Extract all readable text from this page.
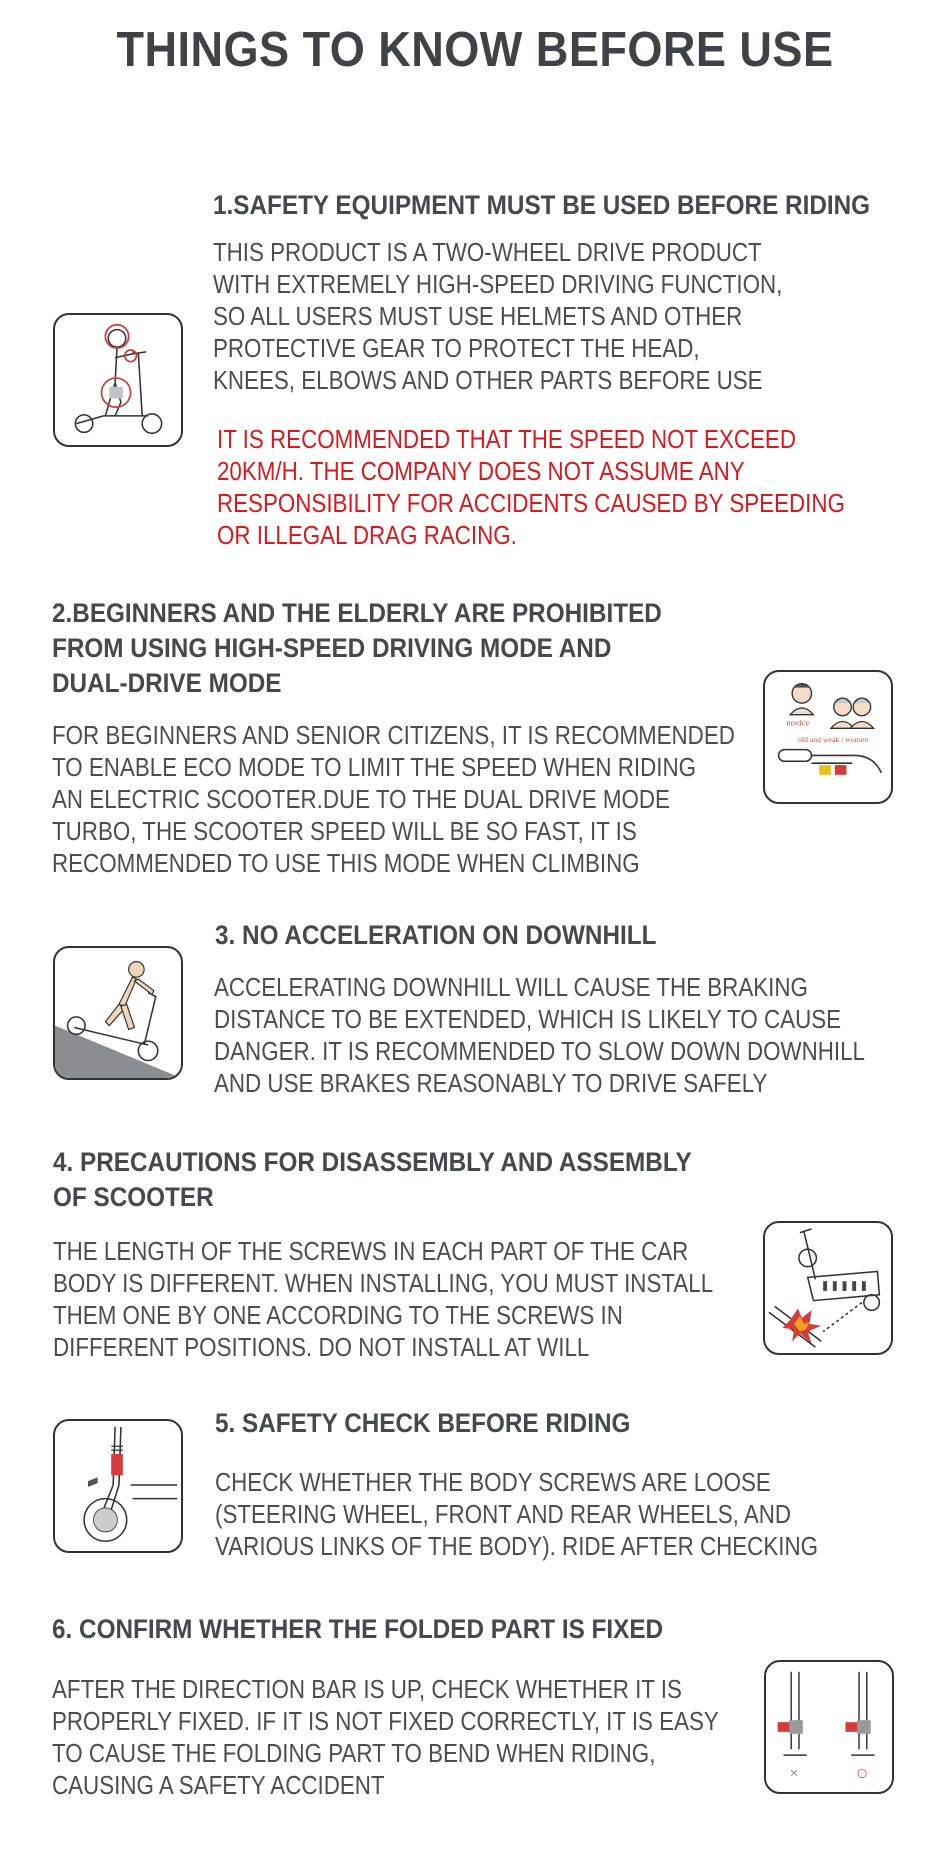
THINGS TO KNOW BEFORE USE
1.SAFETY EQUIPMENT MUST BE USED BEFORE RIDING
THIS PRODUCT IS A TWO-WHEEL DRIVE PRODUCT
WITH EXTREMELY HIGH-SPEED DRIVING FUNCTION,
SO ALL USERS MUST USE HELMETS AND OTHER
PROTECTIVE GEAR TO PROTECT THE HEAD,
KNEES, ELBOWS AND OTHER PARTS BEFORE USE
IT IS RECOMMENDED THAT THE SPEED NOT EXCEED
20KM/H. THE COMPANY DOES NOT ASSUME ANY
RESPONSIBILITY FOR ACCIDENTS CAUSED BY SPEEDING
OR ILLEGAL DRAG RACING.
2.BEGINNERS AND THE ELDERLY ARE PROHIBITED
FROM USING HIGH-SPEED DRIVING MODE AND
DUAL-DRIVE MODE
FOR BEGINNERS AND SENIOR CITIZENS, IT IS RECOMMENDED
TO ENABLE ECO MODE TO LIMIT THE SPEED WHEN RIDING
AN ELECTRIC SCOOTER.DUE TO THE DUAL DRIVE MODE
TURBO, THE SCOOTER SPEED WILL BE SO FAST, IT IS
RECOMMENDED TO USE THIS MODE WHEN CLIMBING
novice
old and weak / women
3. NO ACCELERATION ON DOWNHILL
ACCELERATING DOWNHILL WILL CAUSE THE BRAKING
DISTANCE TO BE EXTENDED, WHICH IS LIKELY TO CAUSE
DANGER. IT IS RECOMMENDED TO SLOW DOWN DOWNHILL
AND USE BRAKES REASONABLY TO DRIVE SAFELY
4. PRECAUTIONS FOR DISASSEMBLY AND ASSEMBLY
OF SCOOTER
THE LENGTH OF THE SCREWS IN EACH PART OF THE CAR
BODY IS DIFFERENT. WHEN INSTALLING, YOU MUST INSTALL
THEM ONE BY ONE ACCORDING TO THE SCREWS IN
DIFFERENT POSITIONS. DO NOT INSTALL AT WILL
5. SAFETY CHECK BEFORE RIDING
CHECK WHETHER THE BODY SCREWS ARE LOOSE
(STEERING WHEEL, FRONT AND REAR WHEELS, AND
VARIOUS LINKS OF THE BODY). RIDE AFTER CHECKING
6. CONFIRM WHETHER THE FOLDED PART IS FIXED
AFTER THE DIRECTION BAR IS UP, CHECK WHETHER IT IS
PROPERLY FIXED. IF IT IS NOT FIXED CORRECTLY, IT IS EASY
TO CAUSE THE FOLDING PART TO BEND WHEN RIDING,
CAUSING A SAFETY ACCIDENT	×	○
